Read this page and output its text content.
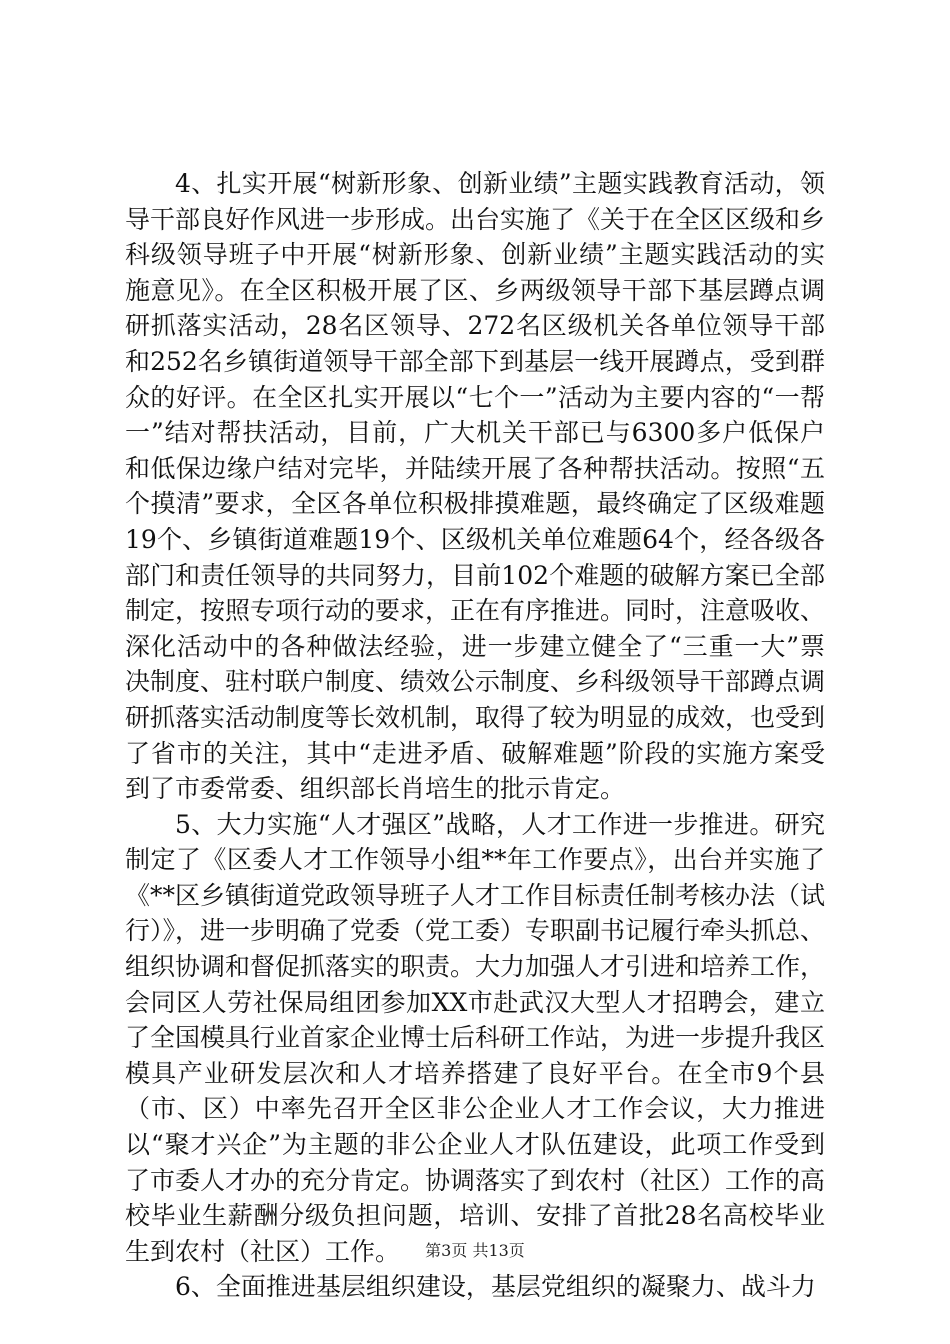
4、扎实开展“树新形象、创新业绩”主题实践教育活动，领导干部良好作风进一步形成。出台实施了《关于在全区区级和乡科级领导班子中开展“树新形象、创新业绩”主题实践活动的实施意见》。在全区积极开展了区、乡两级领导干部下基层蹲点调研抓落实活动，28名区领导、272名区级机关各单位领导干部和252名乡镇街道领导干部全部下到基层一线开展蹲点，受到群众的好评。在全区扎实开展以“七个一”活动为主要内容的“一帮一”结对帮扶活动，目前，广大机关干部已与6300多户低保户和低保边缘户结对完毕，并陆续开展了各种帮扶活动。按照“五个摸清”要求，全区各单位积极排摸难题，最终确定了区级难题19个、乡镇街道难题19个、区级机关单位难题64个，经各级各部门和责任领导的共同努力，目前102个难题的破解方案已全部制定，按照专项行动的要求，正在有序推进。同时，注意吸收、深化活动中的各种做法经验，进一步建立健全了“三重一大”票决制度、驻村联户制度、绩效公示制度、乡科级领导干部蹲点调研抓落实活动制度等长效机制，取得了较为明显的成效，也受到了省市的关注，其中“走进矛盾、破解难题”阶段的实施方案受到了市委常委、组织部长肖培生的批示肯定。

5、大力实施“人才强区”战略，人才工作进一步推进。研究制定了《区委人才工作领导小组**年工作要点》，出台并实施了《**区乡镇街道党政领导班子人才工作目标责任制考核办法（试行）》，进一步明确了党委（党工委）专职副书记履行牵头抓总、组织协调和督促抓落实的职责。大力加强人才引进和培养工作，会同区人劳社保局组团参加XX市赴武汉大型人才招聘会，建立了全国模具行业首家企业博士后科研工作站，为进一步提升我区模具产业研发层次和人才培养搭建了良好平台。在全市9个县（市、区）中率先召开全区非公企业人才工作会议，大力推进以“聚才兴企”为主题的非公企业人才队伍建设，此项工作受到了市委人才办的充分肯定。协调落实了到农村（社区）工作的高校毕业生薪酬分级负担问题，培训、安排了首批28名高校毕业生到农村（社区）工作。

6、全面推进基层组织建设，基层党组织的凝聚力、战斗力

第3页 共13页
